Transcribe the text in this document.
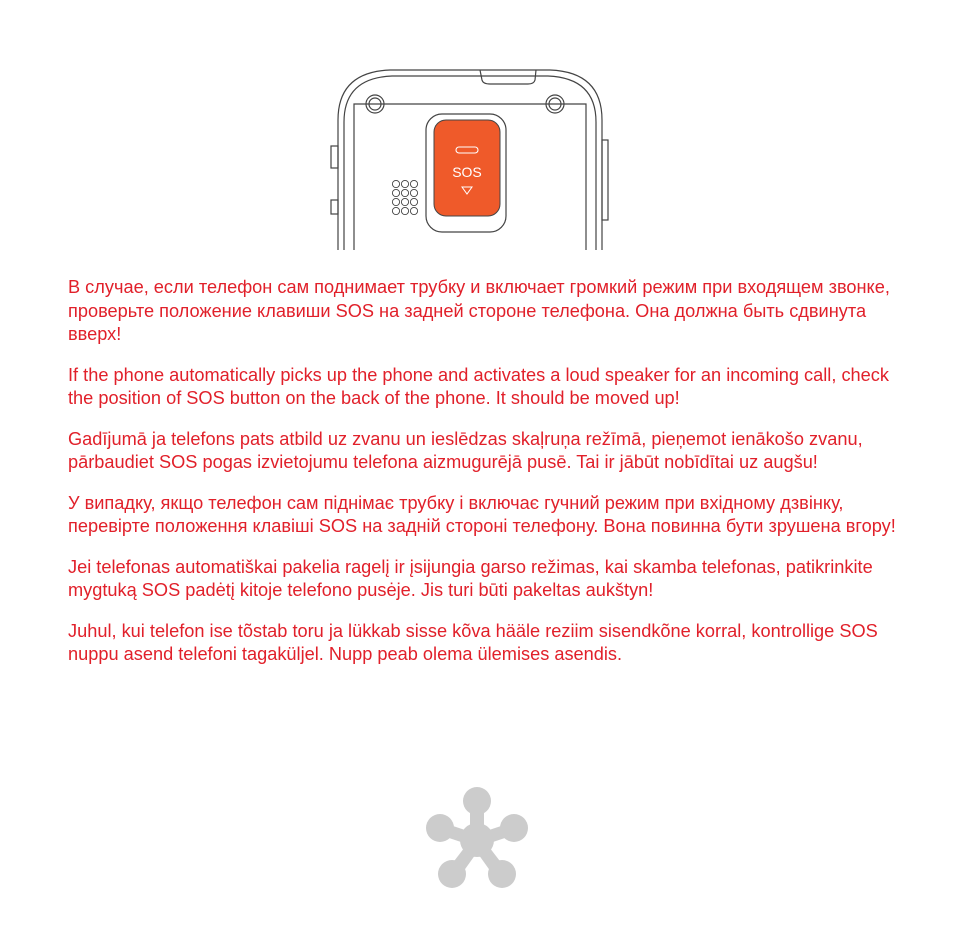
SOS

В случае, если телефон сам поднимает трубку и включает громкий режим при входящем звонке, проверьте положение клавиши SOS на задней стороне телефона. Она должна быть сдвинута вверх!

If the phone automatically picks up the phone and activates a loud speaker for an incoming call, check the position of SOS button on the back of the phone. It should be moved up!

Gadījumā ja telefons pats atbild uz zvanu un ieslēdzas skaļruņa režīmā, pieņemot ienākošo zvanu, pārbaudiet SOS pogas izvietojumu telefona aizmugurējā pusē. Tai ir jābūt nobīdītai uz augšu!

У випадку, якщо телефон сам піднімає трубку і включає гучний режим при вхідному дзвінку, перевірте положення клавіші SOS на задній стороні телефону. Вона повинна бути зрушена вгору!

Jei telefonas automatiškai pakelia ragelį ir įsijungia garso režimas, kai skamba telefonas, patikrinkite mygtuką SOS padėtį kitoje telefono pusėje. Jis turi būti pakeltas aukštyn!

Juhul, kui telefon ise tõstab toru ja lükkab sisse kõva hääle reziim sisendkõne korral, kontrollige SOS nuppu asend telefoni tagaküljel. Nupp peab olema ülemises asendis.
